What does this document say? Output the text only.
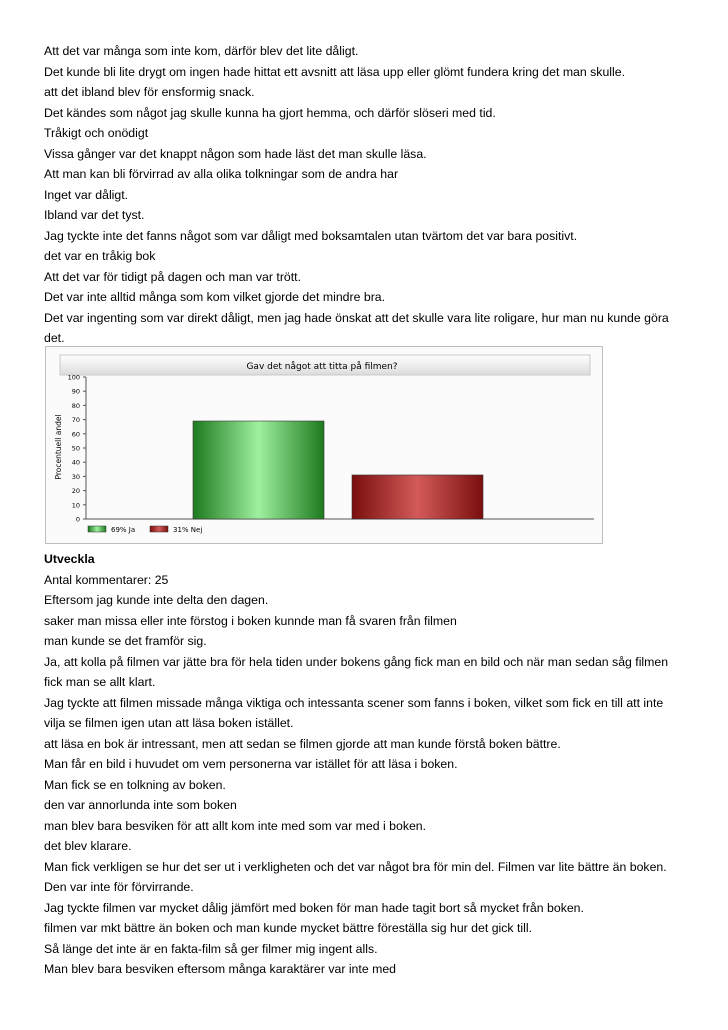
Att det var många som inte kom, därför blev det lite dåligt.
Det kunde bli lite drygt om ingen hade hittat ett avsnitt att läsa upp eller glömt fundera kring det man skulle.
att det ibland blev för ensformig snack.
Det kändes som något jag skulle kunna ha gjort hemma, och därför slöseri med tid.
Tråkigt och onödigt
Vissa gånger var det knappt någon som hade läst det man skulle läsa.
Att man kan bli förvirrad av alla olika tolkningar som de andra har
Inget var dåligt.
Ibland var det tyst.
Jag tyckte inte det fanns något som var dåligt med boksamtalen utan tvärtom det var bara positivt.
det var en tråkig bok
Att det var för tidigt på dagen och man var trött.
Det var inte alltid många som kom vilket gjorde det mindre bra.
Det var ingenting som var direkt dåligt, men jag hade önskat att det skulle vara lite roligare, hur man nu kunde göra
det.
Gav det något att titta på filmen?
Procentuell andel
0
10
20
30
40
50
60
70
80
90
100
69% Ja	31% Nej
Utveckla
Antal kommentarer: 25
Eftersom jag kunde inte delta den dagen.
saker man missa eller inte förstog i boken kunnde man få svaren från filmen
man kunde se det framför sig.
Ja, att kolla på filmen var jätte bra för hela tiden under bokens gång fick man en bild och när man sedan såg filmen
fick man se allt klart.
Jag tyckte att filmen missade många viktiga och intessanta scener som fanns i boken, vilket som fick en till att inte
vilja se filmen igen utan att läsa boken istället.
att läsa en bok är intressant, men att sedan se filmen gjorde att man kunde förstå boken bättre.
Man får en bild i huvudet om vem personerna var istället för att läsa i boken.
Man fick se en tolkning av boken.
den var annorlunda inte som boken
man blev bara besviken för att allt kom inte med som var med i boken.
det blev klarare.
Man fick verkligen se hur det ser ut i verkligheten och det var något bra för min del. Filmen var lite bättre än boken.
Den var inte för förvirrande.
Jag tyckte filmen var mycket dålig jämfört med boken för man hade tagit bort så mycket från boken.
filmen var mkt bättre än boken och man kunde mycket bättre föreställa sig hur det gick till.
Så länge det inte är en fakta-film så ger filmer mig ingent alls.
Man blev bara besviken eftersom många karaktärer var inte med
